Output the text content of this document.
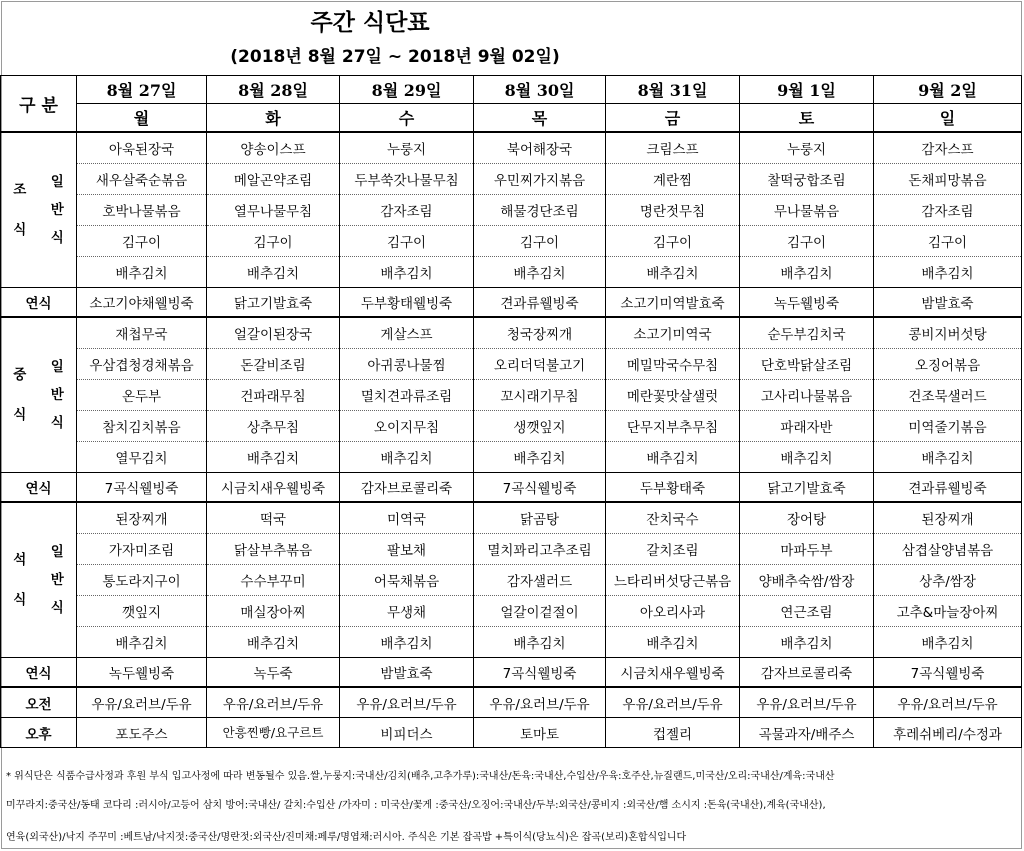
주간 식단표
(2018년 8월 27일 ~ 2018년 9월 02일)
구 분		8월 27일	8월 28일	8월 29일	8월 30일	8월 31일	9월 1일	9월 2일
		월	화	수	목	금	토	일
조식	일반식	아욱된장국	양송이스프	누룽지	북어해장국	크림스프	누룽지	감자스프
		새우살죽순볶음	메알곤약조림	두부쑥갓나물무침	우민찌가지볶음	계란찜	찰떡궁합조림	돈채피망볶음
		호박나물볶음	열무나물무침	감자조림	해물경단조림	명란젓무침	무나물볶음	감자조림
		김구이	김구이	김구이	김구이	김구이	김구이	김구이
		배추김치	배추김치	배추김치	배추김치	배추김치	배추김치	배추김치
연식		소고기야채웰빙죽	닭고기발효죽	두부황태웰빙죽	견과류웰빙죽	소고기미역발효죽	녹두웰빙죽	밤발효죽
중식	일반식	재첩무국	얼갈이된장국	게살스프	청국장찌개	소고기미역국	순두부김치국	콩비지버섯탕
		우삼겹청경채볶음	돈갈비조림	아귀콩나물찜	오리더덕불고기	메밀막국수무침	단호박닭살조림	오징어볶음
		온두부	건파래무침	멸치견과류조림	꼬시래기무침	메란꽃맛살샐럿	고사리나물볶음	건조묵샐러드
		참치김치볶음	상추무침	오이지무침	생깻잎지	단무지부추무침	파래자반	미역줄기볶음
		열무김치	배추김치	배추김치	배추김치	배추김치	배추김치	배추김치
연식		7곡식웰빙죽	시금치새우웰빙죽	감자브로콜리죽	7곡식웰빙죽	두부황태죽	닭고기발효죽	견과류웰빙죽
석식	일반식	된장찌개	떡국	미역국	닭곰탕	잔치국수	장어탕	된장찌개
		가자미조림	닭살부추볶음	팔보채	멸치꽈리고추조림	갈치조림	마파두부	삼겹살양념볶음
		통도라지구이	수수부꾸미	어묵채볶음	감자샐러드	느타리버섯당근볶음	양배추숙쌈/쌈장	상추/쌈장
		깻잎지	매실장아찌	무생채	얼갈이겉절이	아오리사과	연근조림	고추&마늘장아찌
		배추김치	배추김치	배추김치	배추김치	배추김치	배추김치	배추김치
연식		녹두웰빙죽	녹두죽	밤발효죽	7곡식웰빙죽	시금치새우웰빙죽	감자브로콜리죽	7곡식웰빙죽
오전		우유/요러브/두유	우유/요러브/두유	우유/요러브/두유	우유/요러브/두유	우유/요러브/두유	우유/요러브/두유	우유/요러브/두유
오후		포도주스	안흥찐빵/요구르트	비피더스	토마토	컵젤리	곡물과자/배주스	후레쉬베리/수정과
* 위식단은 식품수급사정과 후원 부식 입고사정에 따라 변동될수 있음.쌀,누룽지:국내산/김치(배추,고추가루):국내산/돈육:국내산,수입산/우육:호주산,뉴질랜드,미국산/오리:국내산/계육:국내산
미꾸라지:중국산/동태 코다리 :러시아/고등어 삼치 방어:국내산/ 갈치:수입산 /가자미 : 미국산/꽃게 :중국산/오징어:국내산/두부:외국산/콩비지 :외국산/햄 소시지 :돈육(국내산),계육(국내산),
연육(외국산)/낙지 주꾸미 :베트남/낙지젓:중국산/명란젓:외국산/진미채:페루/명엽채:러시아. 주식은 기본 잡곡밥 +특이식(당뇨식)은 잡곡(보리)혼합식입니다
